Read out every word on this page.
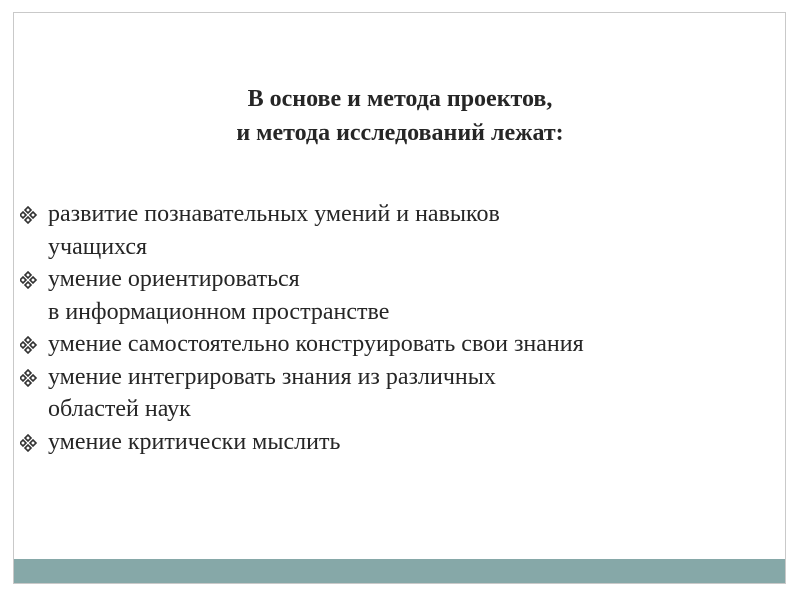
В основе и метода проектов,
и метода исследований лежат:
развитие познавательных умений и навыков
учащихся
умение ориентироваться
в информационном пространстве
умение самостоятельно конструировать свои знания
умение интегрировать знания из различных
областей наук
умение критически мыслить
